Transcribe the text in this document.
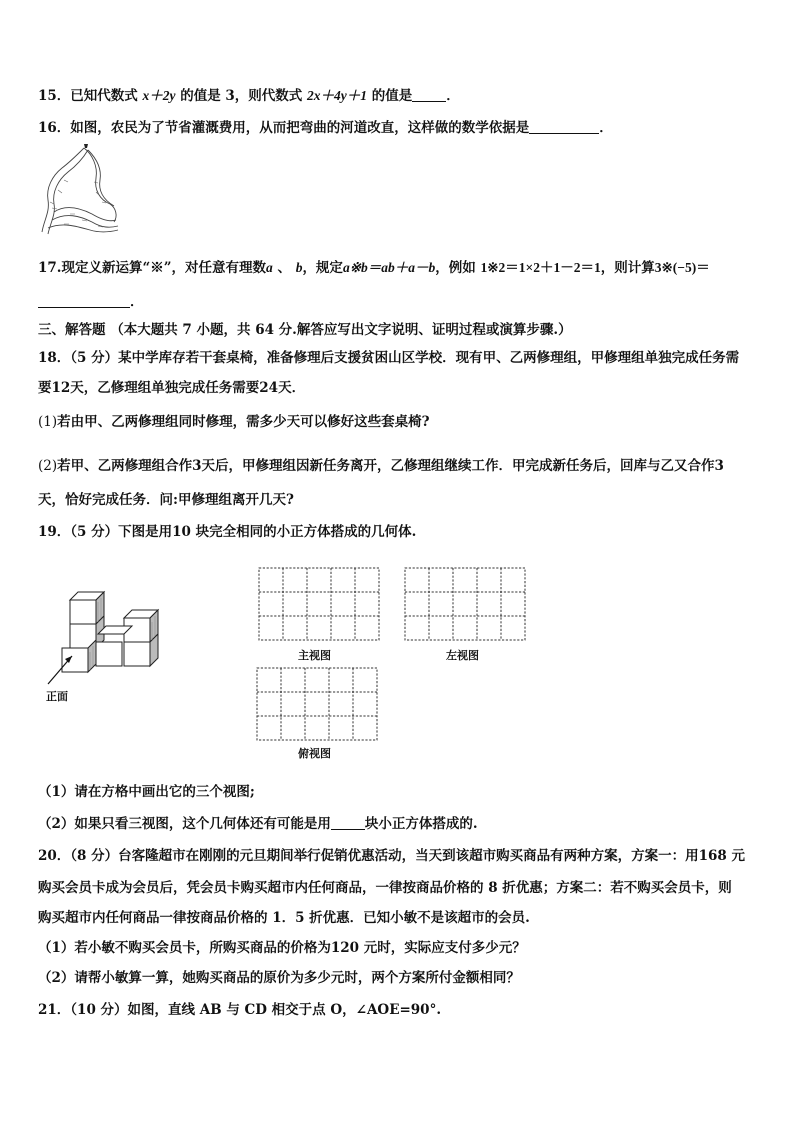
15．已知代数式 x＋2y 的值是 3，则代数式 2x＋4y＋1 的值是	．
16．如图，农民为了节省灌溉费用，从而把弯曲的河道改直，这样做的数学依据是	．
17.现定义新运算“※”，对任意有理数a 、 b，规定a※b＝ab＋a－b，例如 1※2＝1×2＋1－2＝1，则计算3※(−5)＝
．
三、解答题 （本大题共 7 小题，共 64 分.解答应写出文字说明、证明过程或演算步骤.）
18．（5 分）某中学库存若干套桌椅，准备修理后支援贫困山区学校．现有甲、乙两修理组，甲修理组单独完成任务需
要12天，乙修理组单独完成任务需要24天．
(1)若由甲、乙两修理组同时修理，需多少天可以修好这些套桌椅?
(2)若甲、乙两修理组合作3天后，甲修理组因新任务离开，乙修理组继续工作．甲完成新任务后，回库与乙又合作3
天，恰好完成任务．问:甲修理组离开几天?
19．（5 分）下图是用10 块完全相同的小正方体搭成的几何体.
正面
主视图	左视图
俯视图
（1）请在方格中画出它的三个视图;
（2）如果只看三视图，这个几何体还有可能是用	块小正方体搭成的.
20．（8 分）台客隆超市在刚刚的元旦期间举行促销优惠活动，当天到该超市购买商品有两种方案，方案一：用168 元
购买会员卡成为会员后，凭会员卡购买超市内任何商品，一律按商品价格的 8 折优惠；方案二：若不购买会员卡，则
购买超市内任何商品一律按商品价格的 1．5 折优惠．已知小敏不是该超市的会员.
（1）若小敏不购买会员卡，所购买商品的价格为120 元时，实际应支付多少元？
（2）请帮小敏算一算，她购买商品的原价为多少元时，两个方案所付金额相同？
21．（10 分）如图，直线 AB 与 CD 相交于点 O，∠AOE=90°.
